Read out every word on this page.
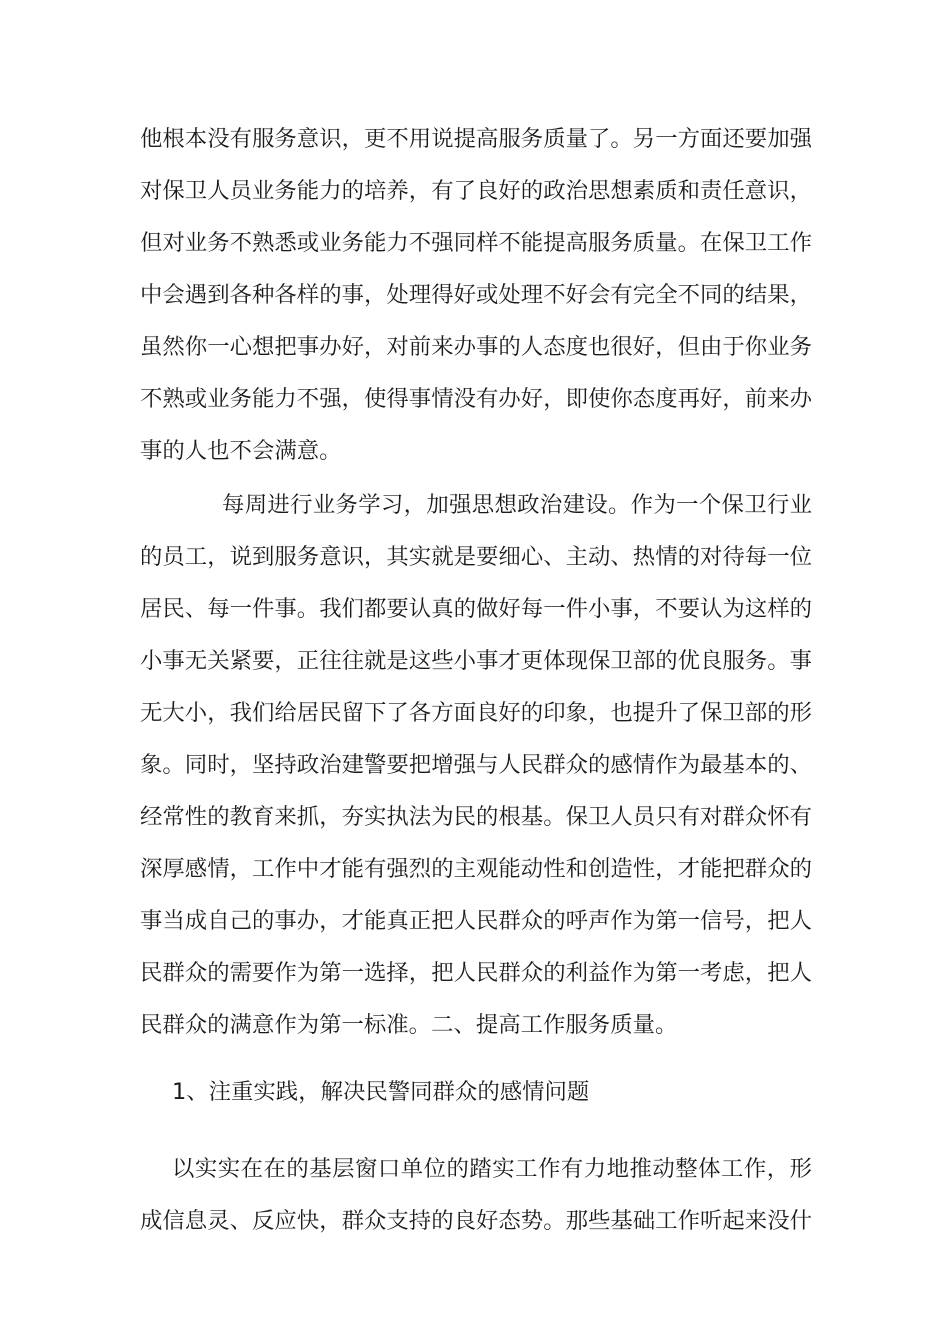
他根本没有服务意识，更不用说提高服务质量了。另一方面还要加强
对保卫人员业务能力的培养，有了良好的政治思想素质和责任意识，
但对业务不熟悉或业务能力不强同样不能提高服务质量。在保卫工作
中会遇到各种各样的事，处理得好或处理不好会有完全不同的结果，
虽然你一心想把事办好，对前来办事的人态度也很好，但由于你业务
不熟或业务能力不强，使得事情没有办好，即使你态度再好，前来办
事的人也不会满意。
每周进行业务学习，加强思想政治建设。作为一个保卫行业
的员工，说到服务意识，其实就是要细心、主动、热情的对待每一位
居民、每一件事。我们都要认真的做好每一件小事，不要认为这样的
小事无关紧要，正往往就是这些小事才更体现保卫部的优良服务。事
无大小，我们给居民留下了各方面良好的印象，也提升了保卫部的形
象。同时，坚持政治建警要把增强与人民群众的感情作为最基本的、
经常性的教育来抓，夯实执法为民的根基。保卫人员只有对群众怀有
深厚感情，工作中才能有强烈的主观能动性和创造性，才能把群众的
事当成自己的事办，才能真正把人民群众的呼声作为第一信号，把人
民群众的需要作为第一选择，把人民群众的利益作为第一考虑，把人
民群众的满意作为第一标准。二、提高工作服务质量。
1、注重实践，解决民警同群众的感情问题
以实实在在的基层窗口单位的踏实工作有力地推动整体工作，形
成信息灵、反应快，群众支持的良好态势。那些基础工作听起来没什
